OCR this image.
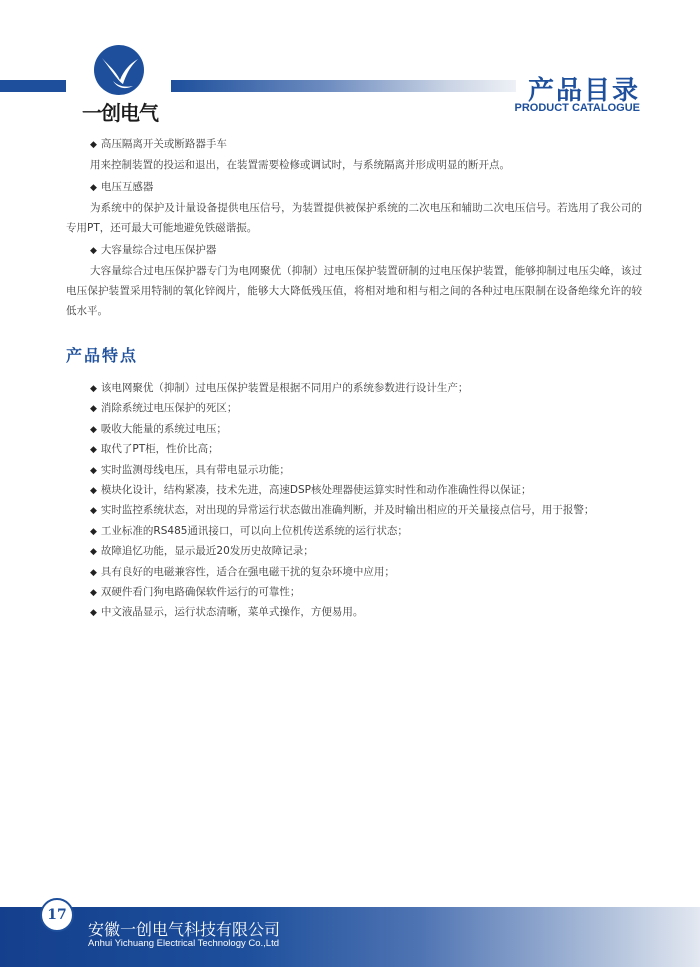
一创电气
产品目录
PRODUCT CATALOGUE
◆ 高压隔离开关或断路器手车

用来控制装置的投运和退出，在装置需要检修或调试时，与系统隔离并形成明显的断开点。

◆ 电压互感器

为系统中的保护及计量设备提供电压信号，为装置提供被保护系统的二次电压和辅助二次电压信号。若选用了我公司的专用PT，还可最大可能地避免铁磁谐振。

◆ 大容量综合过电压保护器

大容量综合过电压保护器专门为电网聚优（抑制）过电压保护装置研制的过电压保护装置，能够抑制过电压尖峰，该过电压保护装置采用特制的氧化锌阀片，能够大大降低残压值，将相对地和相与相之间的各种过电压限制在设备绝缘允许的较低水平。

产品特点
◆ 该电网聚优（抑制）过电压保护装置是根据不同用户的系统参数进行设计生产；
◆ 消除系统过电压保护的死区；
◆ 吸收大能量的系统过电压；
◆ 取代了PT柜，性价比高；
◆ 实时监测母线电压，具有带电显示功能；
◆ 模块化设计，结构紧凑，技术先进，高速DSP核处理器使运算实时性和动作准确性得以保证；
◆ 实时监控系统状态，对出现的异常运行状态做出准确判断，并及时输出相应的开关量接点信号，用于报警；
◆ 工业标准的RS485通讯接口，可以向上位机传送系统的运行状态；
◆ 故障追忆功能，显示最近20发历史故障记录；
◆ 具有良好的电磁兼容性，适合在强电磁干扰的复杂环境中应用；
◆ 双硬件看门狗电路确保软件运行的可靠性；
◆ 中文液晶显示，运行状态清晰，菜单式操作，方便易用。
17
安徽一创电气科技有限公司
Anhui Yichuang Electrical Technology Co.,Ltd
